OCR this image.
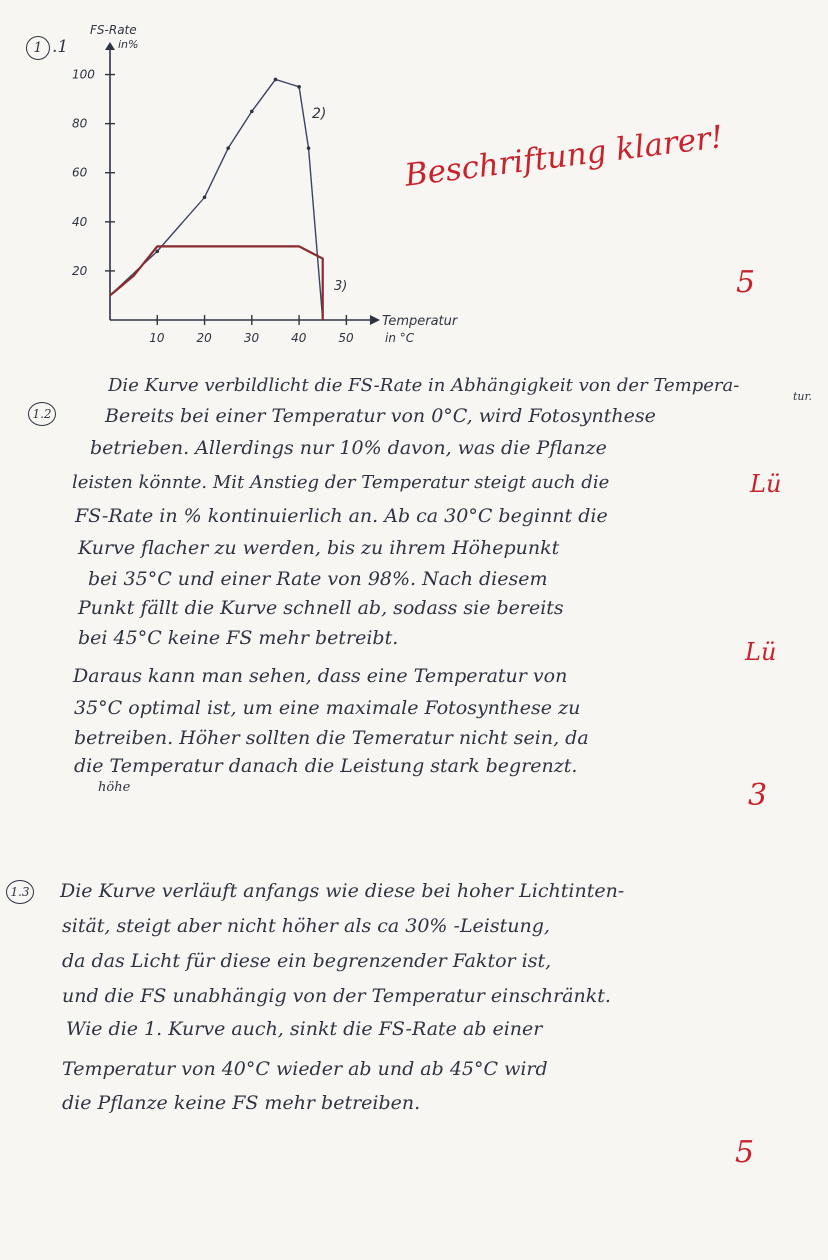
1 .1
FS-Rate
in%
100
80
60
40
20
10	20	30	40	50
Temperatur
in °C
2)
3)
Beschriftung klarer!
5
1.2
Die Kurve verbildlicht die FS-Rate in Abhängigkeit von der Tempera-
tur.
Bereits bei einer Temperatur von 0°C, wird Fotosynthese
betrieben. Allerdings nur 10% davon, was die Pflanze
leisten könnte. Mit Anstieg der Temperatur steigt auch die
FS-Rate in % kontinuierlich an. Ab ca 30°C beginnt die
Kurve flacher zu werden, bis zu ihrem Höhepunkt
bei 35°C und einer Rate von 98%. Nach diesem
Punkt fällt die Kurve schnell ab, sodass sie bereits
bei 45°C keine FS mehr betreibt.
Daraus kann man sehen, dass eine Temperatur von
35°C optimal ist, um eine maximale Fotosynthese zu
betreiben. Höher sollten die Temeratur nicht sein, da
die Temperatur danach die Leistung stark begrenzt.
höhe
Lü
Lü
3
1.3	Die Kurve verläuft anfangs wie diese bei hoher Lichtinten-
sität, steigt aber nicht höher als ca 30% -Leistung,
da das Licht für diese ein begrenzender Faktor ist,
und die FS unabhängig von der Temperatur einschränkt.
Wie die 1. Kurve auch, sinkt die FS-Rate ab einer
Temperatur von 40°C wieder ab und ab 45°C wird
die Pflanze keine FS mehr betreiben.
5
